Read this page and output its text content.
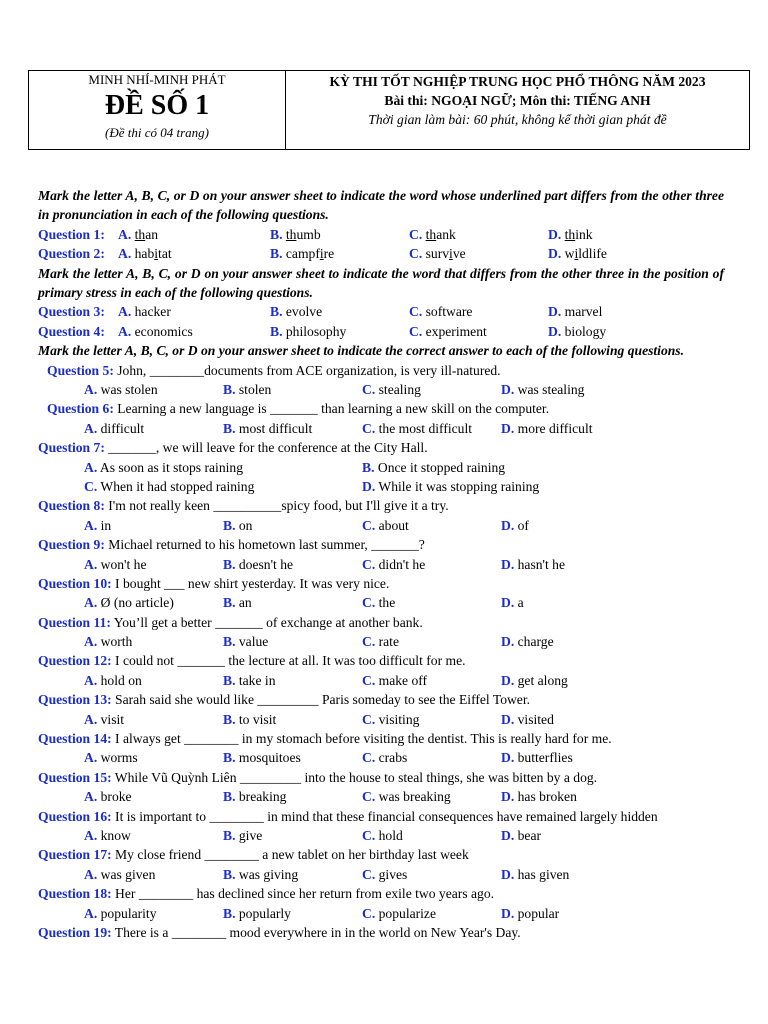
MINH NHÍ-MINH PHÁT
ĐỀ SỐ 1
(Đề thi có 04 trang)
KỲ THI TỐT NGHIỆP TRUNG HỌC PHỔ THÔNG NĂM 2023
Bài thi: NGOẠI NGỮ; Môn thi: TIẾNG ANH
Thời gian làm bài: 60 phút, không kể thời gian phát đề
Mark the letter A, B, C, or D on your answer sheet to indicate the word whose underlined part differs from the other three in pronunciation in each of the following questions.
Question 1: A. than	B. thumb	C. thank	D. think
Question 2: A. habitat	B. campfire	C. survive	D. wildlife
Mark the letter A, B, C, or D on your answer sheet to indicate the word that differs from the other three in the position of primary stress in each of the following questions.
Question 3: A. hacker	B. evolve	C. software	D. marvel
Question 4: A. economics	B. philosophy	C. experiment	D. biology
Mark the letter A, B, C, or D on your answer sheet to indicate the correct answer to each of the following questions.
Question 5: John, ________documents from ACE organization, is very ill-natured.
A. was stolen	B. stolen	C. stealing	D. was stealing
Question 6: Learning a new language is _______ than learning a new skill on the computer.
A. difficult	B. most difficult	C. the most difficult D. more difficult
Question 7: _______, we will leave for the conference at the City Hall.
A. As soon as it stops raining	B. Once it stopped raining
C. When it had stopped raining	D. While it was stopping raining
Question 8: I'm not really keen __________spicy food, but I'll give it a try.
A. in	B. on	C. about	D. of
Question 9: Michael returned to his hometown last summer, _______?
A. won't he	B. doesn't he	C. didn't he	D. hasn't he
Question 10: I bought ___ new shirt yesterday. It was very nice.
A. Ø (no article)	B. an	C. the	D. a
Question 11: You’ll get a better _______ of exchange at another bank.
A. worth	B. value	C. rate	D. charge
Question 12: I could not _______ the lecture at all. It was too difficult for me.
A. hold on	B. take in	C. make off	D. get along
Question 13: Sarah said she would like _________ Paris someday to see the Eiffel Tower.
A. visit	B. to visit	C. visiting	D. visited
Question 14: I always get ________ in my stomach before visiting the dentist. This is really hard for me.
A. worms	B. mosquitoes	C. crabs	D. butterflies
Question 15: While Vũ Quỳnh Liên _________ into the house to steal things, she was bitten by a dog.
A. broke	B. breaking	C. was breaking	D. has broken
Question 16: It is important to ________ in mind that these financial consequences have remained largely hidden
A. know	B. give	C. hold	D. bear
Question 17: My close friend ________ a new tablet on her birthday last week
A. was given	B. was giving	C. gives	D. has given
Question 18: Her ________ has declined since her return from exile two years ago.
A. popularity	B. popularly	C. popularize	D. popular
Question 19: There is a ________ mood everywhere in in the world on New Year's Day.
